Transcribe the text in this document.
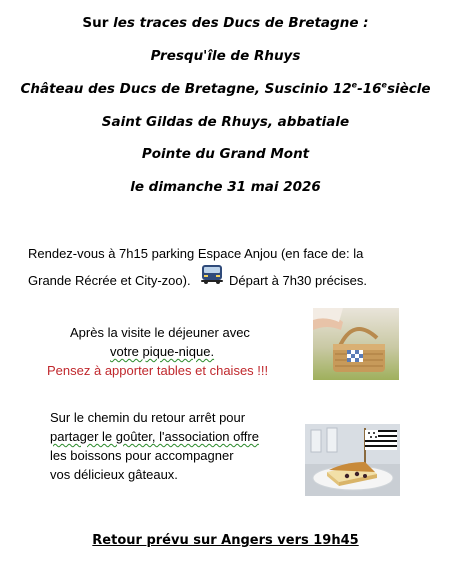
Sur les traces des Ducs de Bretagne :
Presqu'île de Rhuys
Château des Ducs de Bretagne, Suscinio 12e-16esiècle
Saint Gildas de Rhuys, abbatiale
Pointe du Grand Mont
le dimanche 31 mai 2026
Rendez-vous à 7h15 parking Espace Anjou (en face de: la
Grande Récrée et City-zoo).	Départ à 7h30 précises.
Après la visite le déjeuner avec
votre pique-nique.
Pensez à apporter tables et chaises !!!
Sur le chemin du retour arrêt pour
partager le goûter, l'association offre
les boissons pour accompagner
vos délicieux gâteaux.
Retour prévu sur Angers vers 19h45
